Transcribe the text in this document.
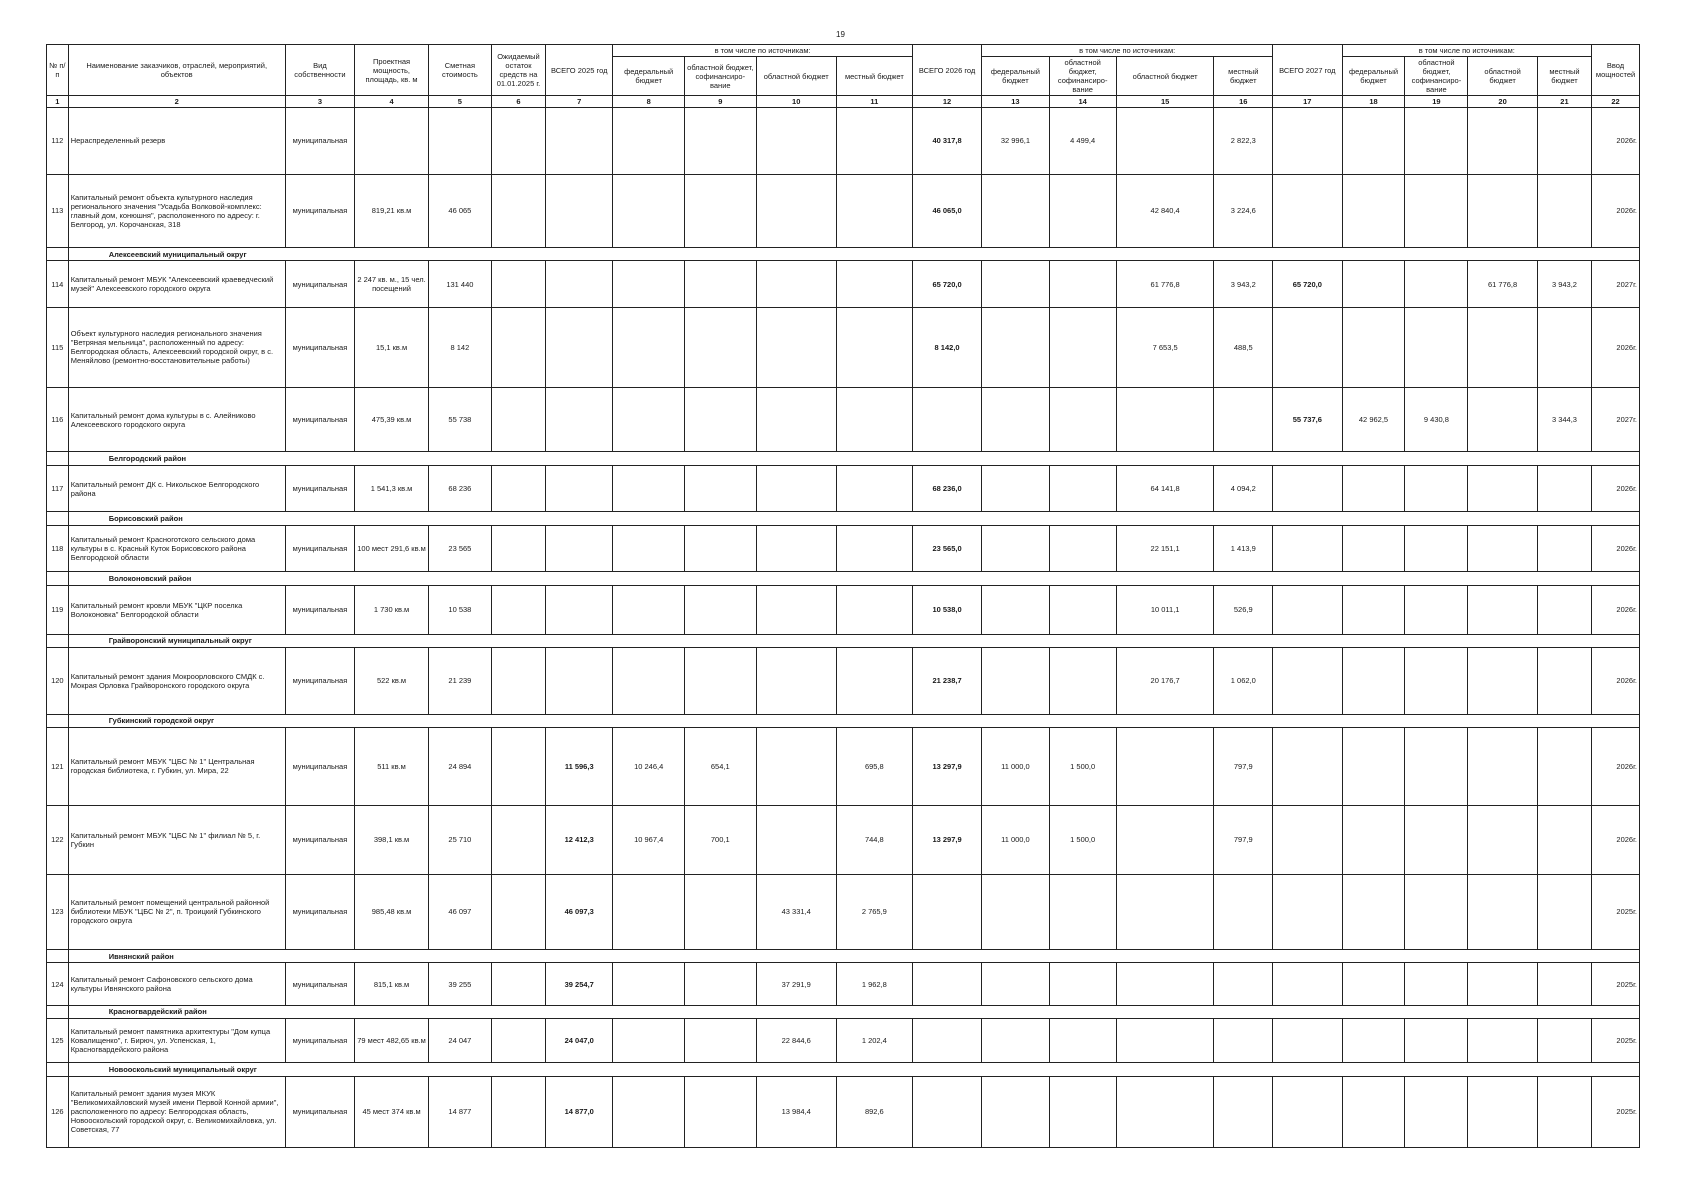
19
№ п/п	Наименование заказчиков, отраслей, мероприятий, объектов	Вид собственности	Проектная мощность, площадь, кв. м	Сметная стоимость	Ожидаемый остаток средств на 01.01.2025 г.	ВСЕГО 2025 год	в том числе по источникам:				ВСЕГО 2026 год	в том числе по источникам:				ВСЕГО 2027 год	в том числе по источникам:				Ввод мощностей
							федеральный бюджет	областной бюджет, софинансиро-вание	областной бюджет	местный бюджет		федеральный бюджет	областной бюджет, софинансиро-вание	областной бюджет	местный бюджет		федеральный бюджет	областной бюджет, софинансиро-вание	областной бюджет	местный бюджет	
1	2	3	4	5	6	7	8	9	10	11	12	13	14	15	16	17	18	19	20	21	22
112	Нераспределенный резерв	муниципальная									40 317,8	32 996,1	4 499,4		2 822,3						2026г.
113	Капитальный ремонт объекта культурного наследия регионального значения "Усадьба Волковой-комплекс: главный дом, конюшня", расположенного по адресу: г. Белгород, ул. Корочанская, 318	муниципальная	819,21 кв.м	46 065							46 065,0			42 840,4	3 224,6						2026г.
	Алексеевский муниципальный округ																				
114	Капитальный ремонт МБУК "Алексеевский краеведческий музей" Алексеевского городского округа	муниципальная	2 247 кв. м., 15 чел. посещений	131 440							65 720,0			61 776,8	3 943,2	65 720,0			61 776,8	3 943,2	2027г.
115	Объект культурного наследия регионального значения "Ветряная мельница", расположенный по адресу: Белгородская область, Алексеевский городской округ, в с. Меняйлово (ремонтно-восстановительные работы)	муниципальная	15,1 кв.м	8 142							8 142,0			7 653,5	488,5						2026г.
116	Капитальный ремонт дома культуры в с. Алейниково Алексеевского городского округа	муниципальная	475,39 кв.м	55 738												55 737,6	42 962,5	9 430,8		3 344,3	2027г.
	Белгородский район																				
117	Капитальный ремонт ДК с. Никольское Белгородского района	муниципальная	1 541,3 кв.м	68 236							68 236,0			64 141,8	4 094,2						2026г.
	Борисовский район																				
118	Капитальный ремонт Красноготского сельского дома культуры в с. Красный Куток Борисовского района Белгородской области	муниципальная	100 мест 291,6 кв.м	23 565							23 565,0			22 151,1	1 413,9						2026г.
	Волоконовский район																				
119	Капитальный ремонт кровли МБУК "ЦКР поселка Волоконовка" Белгородской области	муниципальная	1 730 кв.м	10 538							10 538,0			10 011,1	526,9						2026г.
	Грайворонский муниципальный округ																				
120	Капитальный ремонт здания Мокроорловского СМДК с. Мокрая Орловка Грайворонского городского округа	муниципальная	522 кв.м	21 239							21 238,7			20 176,7	1 062,0						2026г.
	Губкинский городской округ																				
121	Капитальный ремонт МБУК "ЦБС № 1" Центральная городская библиотека, г. Губкин, ул. Мира, 22	муниципальная	511 кв.м	24 894		11 596,3	10 246,4	654,1		695,8	13 297,9	11 000,0	1 500,0		797,9						2026г.
122	Капитальный ремонт МБУК "ЦБС № 1" филиал № 5, г. Губкин	муниципальная	398,1 кв.м	25 710		12 412,3	10 967,4	700,1		744,8	13 297,9	11 000,0	1 500,0		797,9						2026г.
123	Капитальный ремонт помещений центральной районной библиотеки МБУК "ЦБС № 2", п. Троицкий Губкинского городского округа	муниципальная	985,48 кв.м	46 097		46 097,3			43 331,4	2 765,9											2025г.
	Ивнянский район																				
124	Капитальный ремонт Сафоновского сельского дома культуры Ивнянского района	муниципальная	815,1 кв.м	39 255		39 254,7			37 291,9	1 962,8											2025г.
	Красногвардейский район																				
125	Капитальный ремонт памятника архитектуры "Дом купца Ковалищенко", г. Бирюч, ул. Успенская, 1, Красногвардейского района	муниципальная	79 мест 482,65 кв.м	24 047		24 047,0			22 844,6	1 202,4											2025г.
	Новооскольский муниципальный округ																				
126	Капитальный ремонт здания музея МКУК "Великомихайловский музей имени Первой Конной армии", расположенного по адресу: Белгородская область, Новооскольский городской округ, с. Великомихайловка, ул. Советская, 77	муниципальная	45 мест 374 кв.м	14 877		14 877,0			13 984,4	892,6											2025г.
